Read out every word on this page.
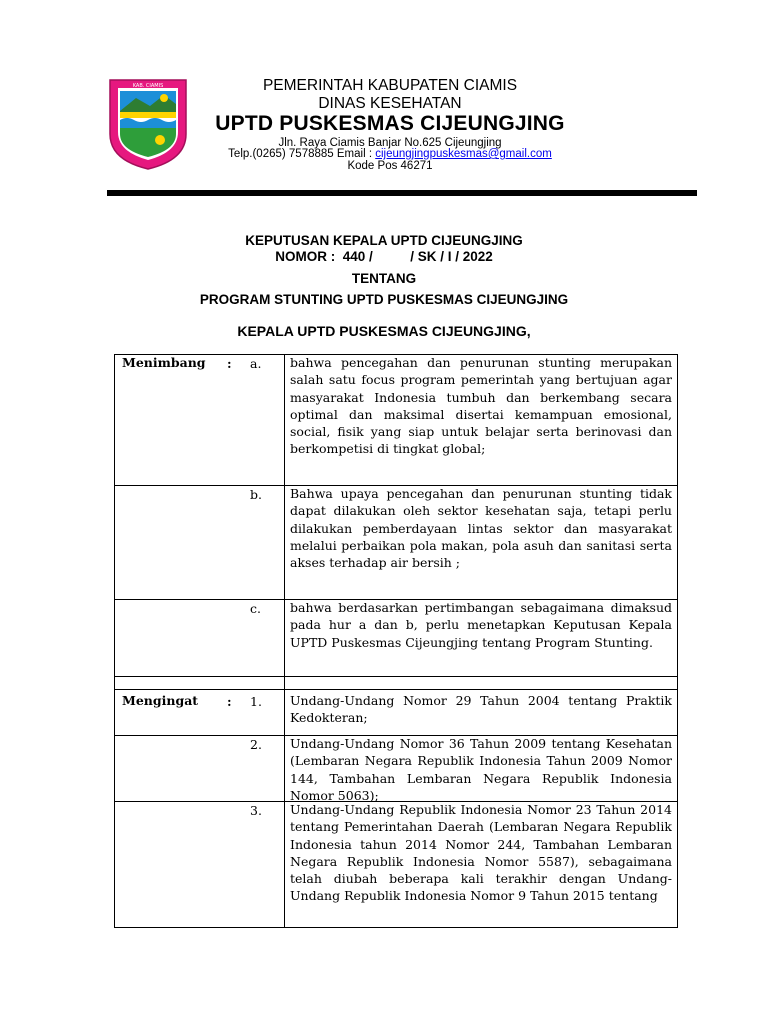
KAB. CIAMIS	PEMERINTAH KABUPATEN CIAMIS
DINAS KESEHATAN
UPTD PUSKESMAS CIJEUNGJING
Jln. Raya Ciamis Banjar No.625 Cijeungjing
Telp.(0265) 7578885 Email : cijeungjingpuskesmas@gmail.com
Kode Pos 46271
KEPUTUSAN KEPALA UPTD CIJEUNGJING
NOMOR :  440 /          / SK / I / 2022
TENTANG
PROGRAM STUNTING UPTD PUSKESMAS CIJEUNGJING
KEPALA UPTD PUSKESMAS CIJEUNGJING,
Menimbang	: a. bahwa pencegahan dan penurunan stunting merupakan salah satu focus program pemerintah yang bertujuan agar masyarakat Indonesia tumbuh dan berkembang secara optimal dan maksimal disertai kemampuan emosional, social, fisik yang siap untuk belajar serta berinovasi dan berkompetisi di tingkat global;
b. Bahwa upaya pencegahan dan penurunan stunting tidak dapat dilakukan oleh sektor kesehatan saja, tetapi perlu dilakukan pemberdayaan lintas sektor dan masyarakat melalui perbaikan pola makan, pola asuh dan sanitasi serta akses terhadap air bersih ;
c. bahwa berdasarkan pertimbangan sebagaimana dimaksud pada hur a dan b, perlu menetapkan Keputusan Kepala UPTD Puskesmas Cijeungjing tentang Program Stunting.
Mengingat	: 1. Undang-Undang Nomor 29 Tahun 2004 tentang Praktik Kedokteran;
2. Undang-Undang Nomor 36 Tahun 2009 tentang Kesehatan (Lembaran Negara Republik Indonesia Tahun 2009 Nomor 144, Tambahan Lembaran Negara Republik Indonesia Nomor 5063);
3. Undang-Undang Republik Indonesia Nomor 23 Tahun 2014 tentang Pemerintahan Daerah (Lembaran Negara Republik Indonesia tahun 2014 Nomor 244, Tambahan Lembaran Negara Republik Indonesia Nomor 5587), sebagaimana telah diubah beberapa kali terakhir dengan Undang-Undang Republik Indonesia Nomor 9 Tahun 2015 tentang
